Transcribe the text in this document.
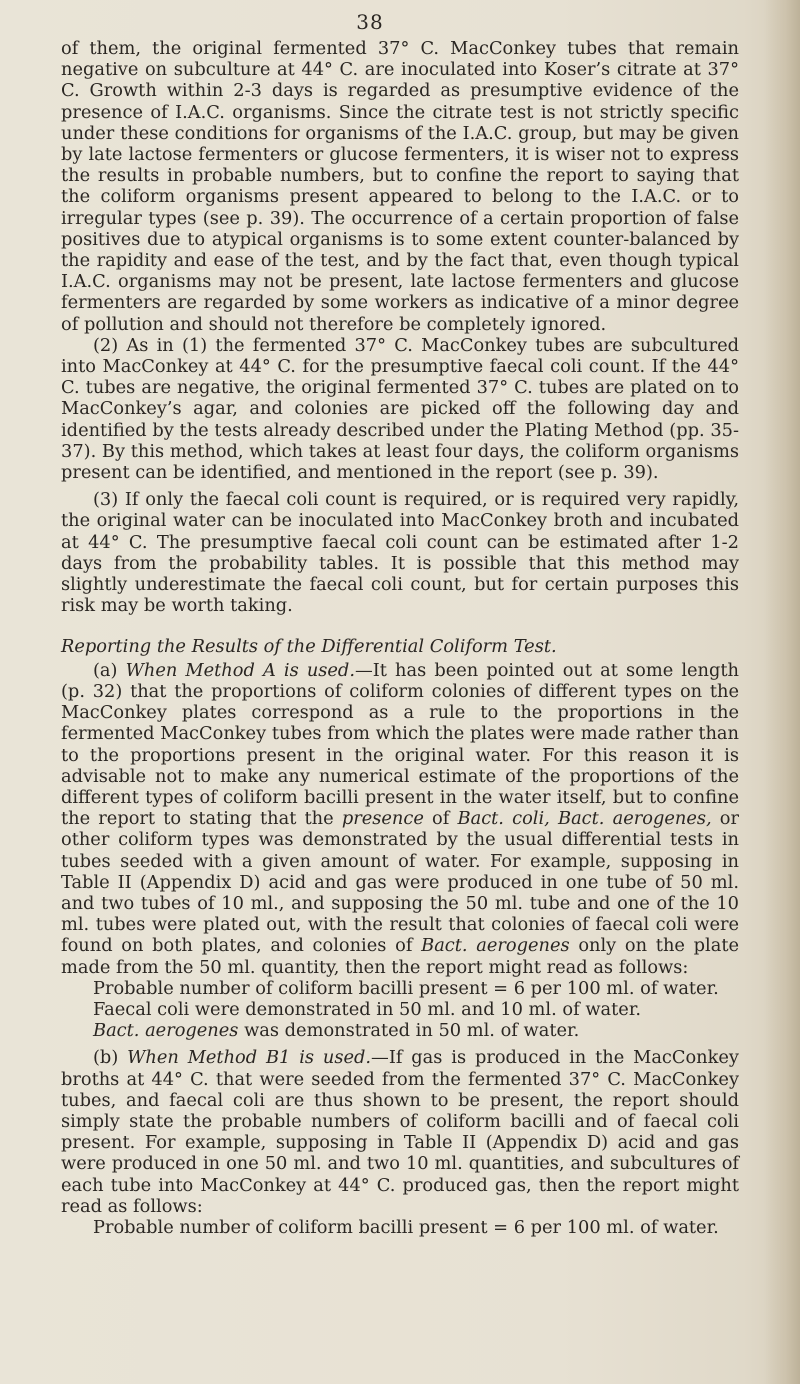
38

of them, the original fermented 37° C. MacConkey tubes that remain negative on subculture at 44° C. are inoculated into Koser’s citrate at 37° C. Growth within 2-3 days is regarded as presumptive evidence of the presence of I.A.C. organisms. Since the citrate test is not strictly specific under these conditions for organisms of the I.A.C. group, but may be given by late lactose fermenters or glucose fermenters, it is wiser not to express the results in probable numbers, but to confine the report to saying that the coliform organisms present appeared to belong to the I.A.C. or to irregular types (see p. 39). The occurrence of a certain proportion of false positives due to atypical organisms is to some extent counter-balanced by the rapidity and ease of the test, and by the fact that, even though typical I.A.C. organisms may not be present, late lactose fermenters and glucose fermenters are regarded by some workers as indicative of a minor degree of pollution and should not therefore be completely ignored.

(2) As in (1) the fermented 37° C. MacConkey tubes are subcultured into MacConkey at 44° C. for the presumptive faecal coli count. If the 44° C. tubes are negative, the original fermented 37° C. tubes are plated on to MacConkey’s agar, and colonies are picked off the following day and identified by the tests already described under the Plating Method (pp. 35-37). By this method, which takes at least four days, the coliform organisms present can be identified, and mentioned in the report (see p. 39).

(3) If only the faecal coli count is required, or is required very rapidly, the original water can be inoculated into MacConkey broth and incubated at 44° C. The presumptive faecal coli count can be estimated after 1-2 days from the probability tables. It is possible that this method may slightly underestimate the faecal coli count, but for certain purposes this risk may be worth taking.

Reporting the Results of the Differential Coliform Test.

(a) When Method A is used.—It has been pointed out at some length (p. 32) that the proportions of coliform colonies of different types on the MacConkey plates correspond as a rule to the proportions in the fermented MacConkey tubes from which the plates were made rather than to the proportions present in the original water. For this reason it is advisable not to make any numerical estimate of the proportions of the different types of coliform bacilli present in the water itself, but to confine the report to stating that the presence of Bact. coli, Bact. aerogenes, or other coliform types was demonstrated by the usual differential tests in tubes seeded with a given amount of water. For example, supposing in Table II (Appendix D) acid and gas were produced in one tube of 50 ml. and two tubes of 10 ml., and supposing the 50 ml. tube and one of the 10 ml. tubes were plated out, with the result that colonies of faecal coli were found on both plates, and colonies of Bact. aerogenes only on the plate made from the 50 ml. quantity, then the report might read as follows:

Probable number of coliform bacilli present = 6 per 100 ml. of water.

Faecal coli were demonstrated in 50 ml. and 10 ml. of water.

Bact. aerogenes was demonstrated in 50 ml. of water.

(b) When Method B1 is used.—If gas is produced in the MacConkey broths at 44° C. that were seeded from the fermented 37° C. MacConkey tubes, and faecal coli are thus shown to be present, the report should simply state the probable numbers of coliform bacilli and of faecal coli present. For example, supposing in Table II (Appendix D) acid and gas were produced in one 50 ml. and two 10 ml. quantities, and subcultures of each tube into MacConkey at 44° C. produced gas, then the report might read as follows:

Probable number of coliform bacilli present = 6 per 100 ml. of water.
